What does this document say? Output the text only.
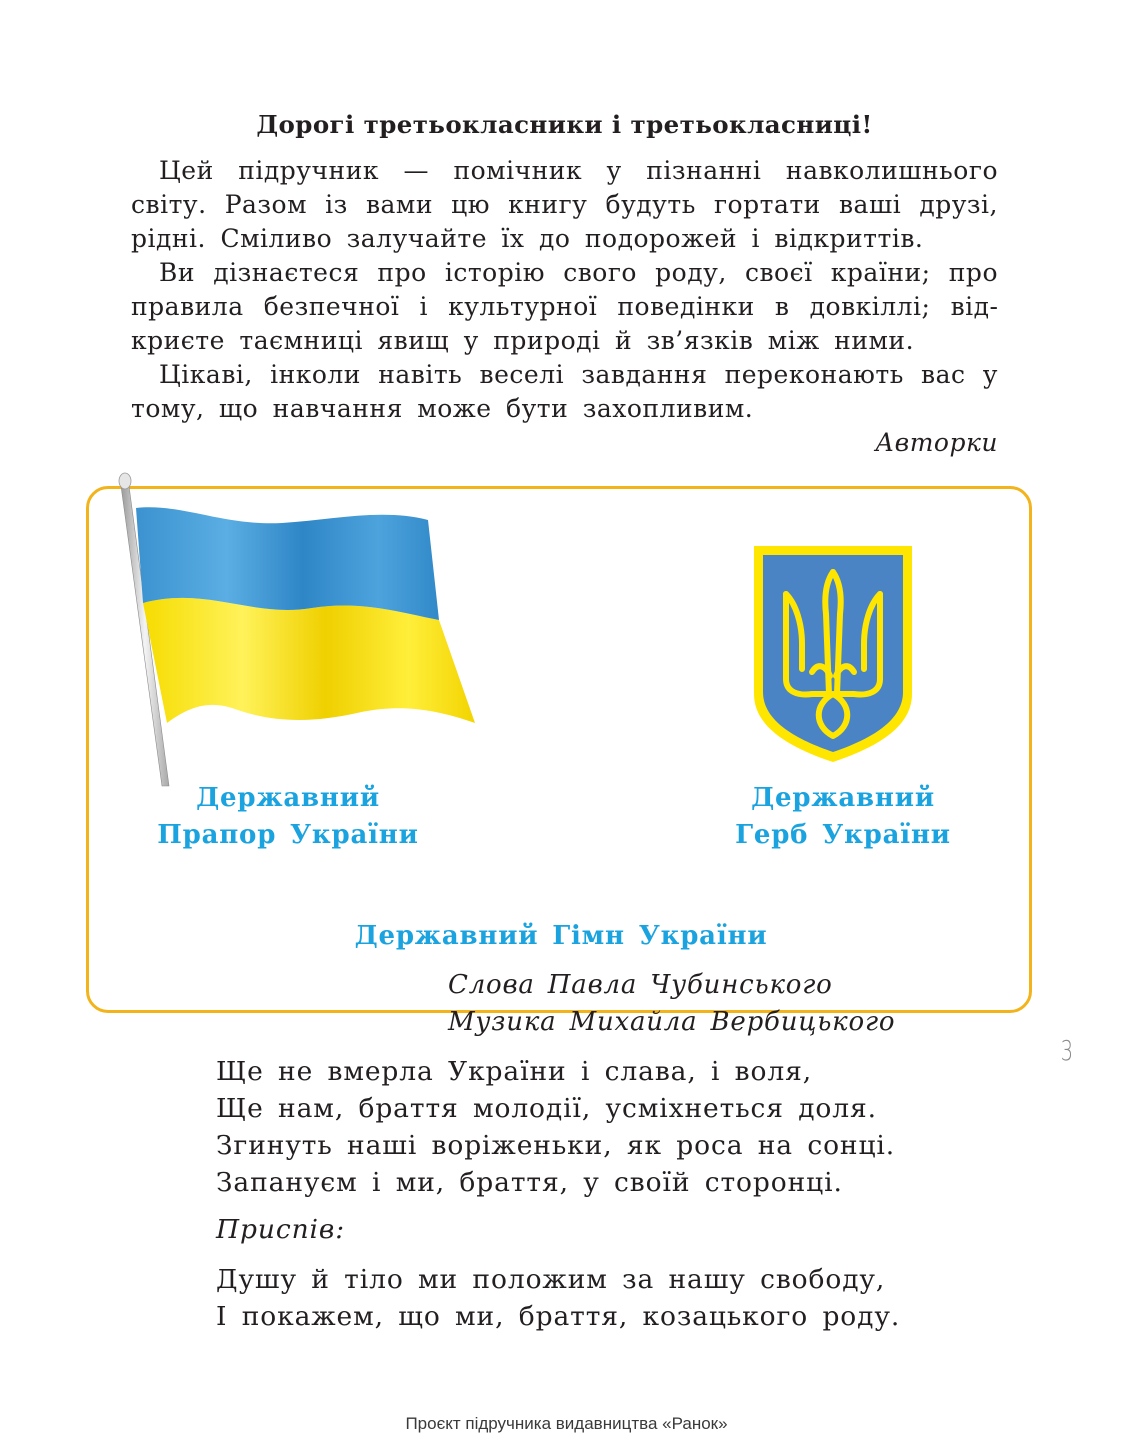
Дорогі третьокласники і третьокласниці!

Цей підручник — помічник у пізнанні навколишнього світу. Разом із вами цю книгу будуть гортати ваші друзі, рідні. Сміливо залучайте їх до подорожей і відкриттів.

Ви дізнаєтеся про історію свого роду, своєї країни; про правила безпечної і культурної поведінки в довкіллі; відкриєте таємниці явищ у природі й зв’язків між ними.

Цікаві, інколи навіть веселі завдання переконають вас у тому, що навчання може бути захопливим.

Авторки

Державний
Прапор України
Державний
Герб України
Державний Гімн України
Слова Павла Чубинського
Музика Михайла Вербицького
Ще не вмерла України і слава, і воля,
Ще нам, браття молодії, усміхнеться доля.
Згинуть наші воріженьки, як роса на сонці.
Запануєм і ми, браття, у своїй сторонці.
Приспів:
Душу й тіло ми положим за нашу свободу,
І покажем, що ми, браття, козацького роду.
3
Проєкт підручника видавництва «Ранок»
